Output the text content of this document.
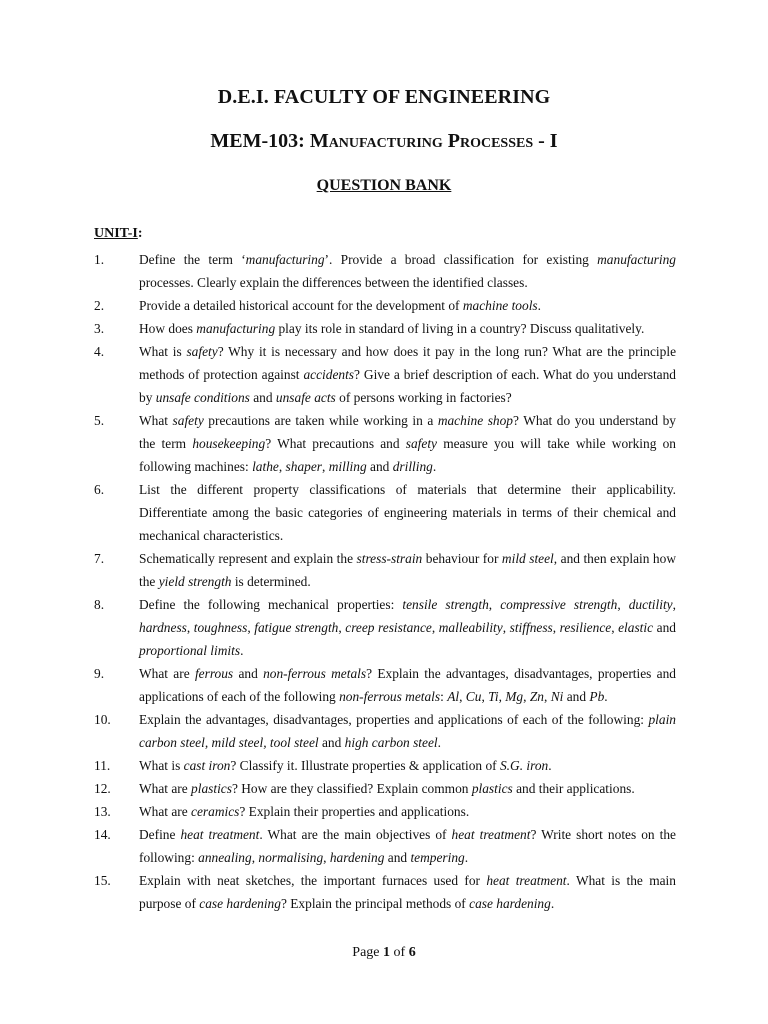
D.E.I. FACULTY OF ENGINEERING
MEM-103: Manufacturing Processes - I
QUESTION BANK
UNIT-I:
1.	Define the term ‘manufacturing’. Provide a broad classification for existing manufacturing processes. Clearly explain the differences between the identified classes.
2.	Provide a detailed historical account for the development of machine tools.
3.	How does manufacturing play its role in standard of living in a country? Discuss qualitatively.
4.	What is safety? Why it is necessary and how does it pay in the long run? What are the principle methods of protection against accidents? Give a brief description of each. What do you understand by unsafe conditions and unsafe acts of persons working in factories?
5.	What safety precautions are taken while working in a machine shop? What do you understand by the term housekeeping? What precautions and safety measure you will take while working on following machines: lathe, shaper, milling and drilling.
6.	List the different property classifications of materials that determine their applicability. Differentiate among the basic categories of engineering materials in terms of their chemical and mechanical characteristics.
7.	Schematically represent and explain the stress-strain behaviour for mild steel, and then explain how the yield strength is determined.
8.	Define the following mechanical properties: tensile strength, compressive strength, ductility, hardness, toughness, fatigue strength, creep resistance, malleability, stiffness, resilience, elastic and proportional limits.
9.	What are ferrous and non-ferrous metals? Explain the advantages, disadvantages, properties and applications of each of the following non-ferrous metals: Al, Cu, Ti, Mg, Zn, Ni and Pb.
10.	Explain the advantages, disadvantages, properties and applications of each of the following: plain carbon steel, mild steel, tool steel and high carbon steel.
11.	What is cast iron? Classify it. Illustrate properties & application of S.G. iron.
12.	What are plastics? How are they classified? Explain common plastics and their applications.
13.	What are ceramics? Explain their properties and applications.
14.	Define heat treatment. What are the main objectives of heat treatment? Write short notes on the following: annealing, normalising, hardening and tempering.
15.	Explain with neat sketches, the important furnaces used for heat treatment. What is the main purpose of case hardening? Explain the principal methods of case hardening.
Page 1 of 6
